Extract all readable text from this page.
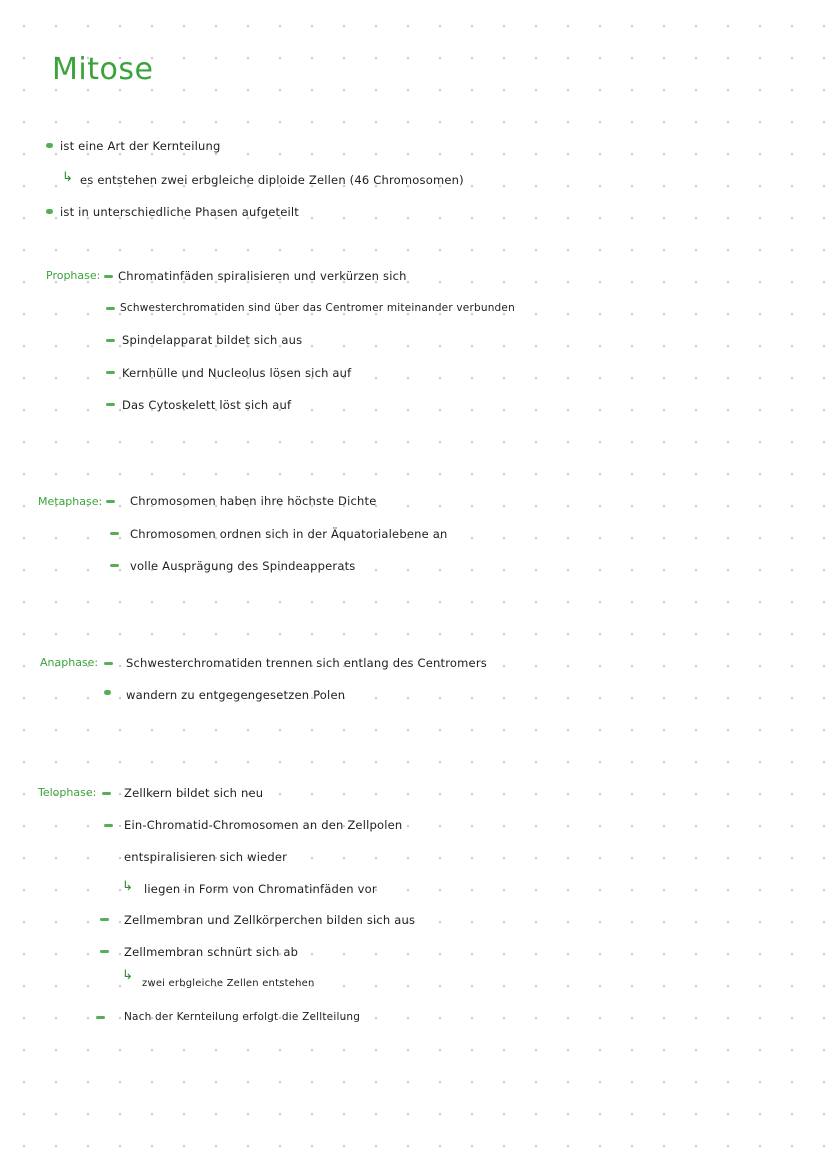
Mitose
ist eine Art der Kernteilung
↳ es entstehen zwei erbgleiche diploide Zellen (46 Chromosomen)
ist in unterschiedliche Phasen aufgeteilt
Prophase: Chromatinfäden spiralisieren und verkürzen sich
Schwesterchromatiden sind über das Centromer miteinander verbunden
Spindelapparat bildet sich aus
Kernhülle und Nucleolus lösen sich auf
Das Cytoskelett löst sich auf
Metaphase: Chromosomen haben ihre höchste Dichte
Chromosomen ordnen sich in der Äquatorialebene an
volle Ausprägung des Spindeapperats
Anaphase: Schwesterchromatiden trennen sich entlang des Centromers
wandern zu entgegengesetzen Polen
Telophase: Zellkern bildet sich neu
Ein-Chromatid-Chromosomen an den Zellpolen
entspiralisieren sich wieder
↳ liegen in Form von Chromatinfäden vor
Zellmembran und Zellkörperchen bilden sich aus
Zellmembran schnürt sich ab
↳
zwei erbgleiche Zellen entstehen
Nach der Kernteilung erfolgt die Zellteilung
